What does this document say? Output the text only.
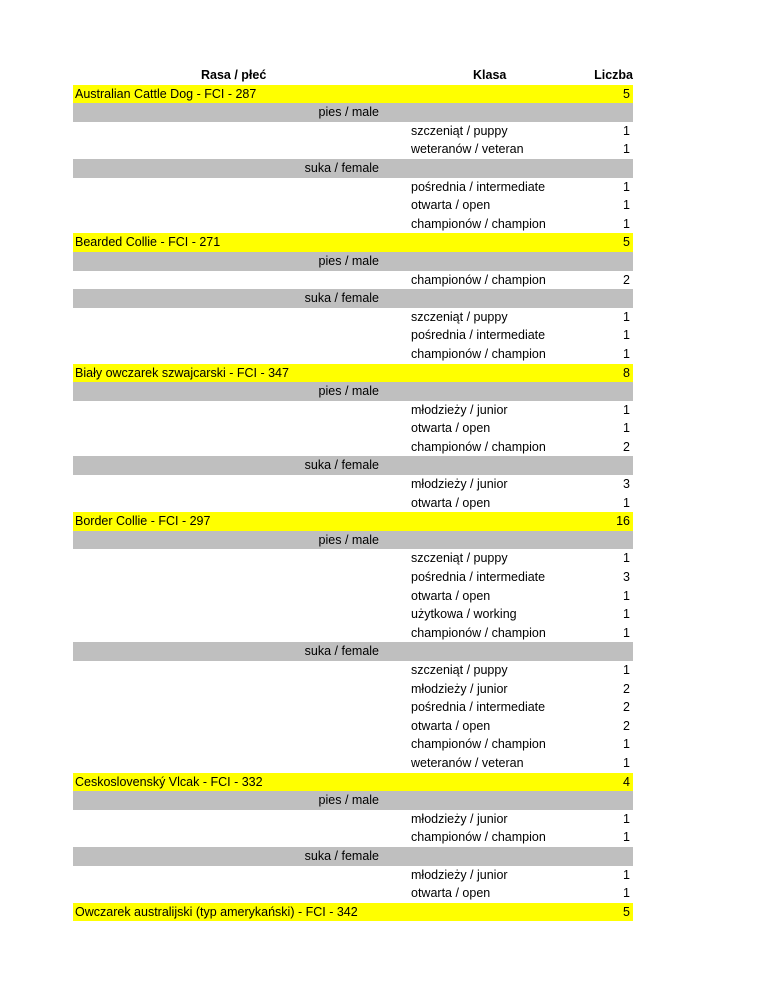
Rasa / płeć	Klasa	Liczba
Australian Cattle Dog - FCI - 287	5
pies / male
szczeniąt / puppy	1
weteranów / veteran	1
suka / female
pośrednia / intermediate	1
otwarta / open	1
championów / champion	1
Bearded Collie - FCI - 271	5
pies / male
championów / champion	2
suka / female
szczeniąt / puppy	1
pośrednia / intermediate	1
championów / champion	1
Biały owczarek szwajcarski - FCI - 347	8
pies / male
młodzieży / junior	1
otwarta / open	1
championów / champion	2
suka / female
młodzieży / junior	3
otwarta / open	1
Border Collie - FCI - 297	16
pies / male
szczeniąt / puppy	1
pośrednia / intermediate	3
otwarta / open	1
użytkowa / working	1
championów / champion	1
suka / female
szczeniąt / puppy	1
młodzieży / junior	2
pośrednia / intermediate	2
otwarta / open	2
championów / champion	1
weteranów / veteran	1
Ceskoslovenský Vlcak - FCI - 332	4
pies / male
młodzieży / junior	1
championów / champion	1
suka / female
młodzieży / junior	1
otwarta / open	1
Owczarek australijski (typ amerykański) - FCI - 342	5
